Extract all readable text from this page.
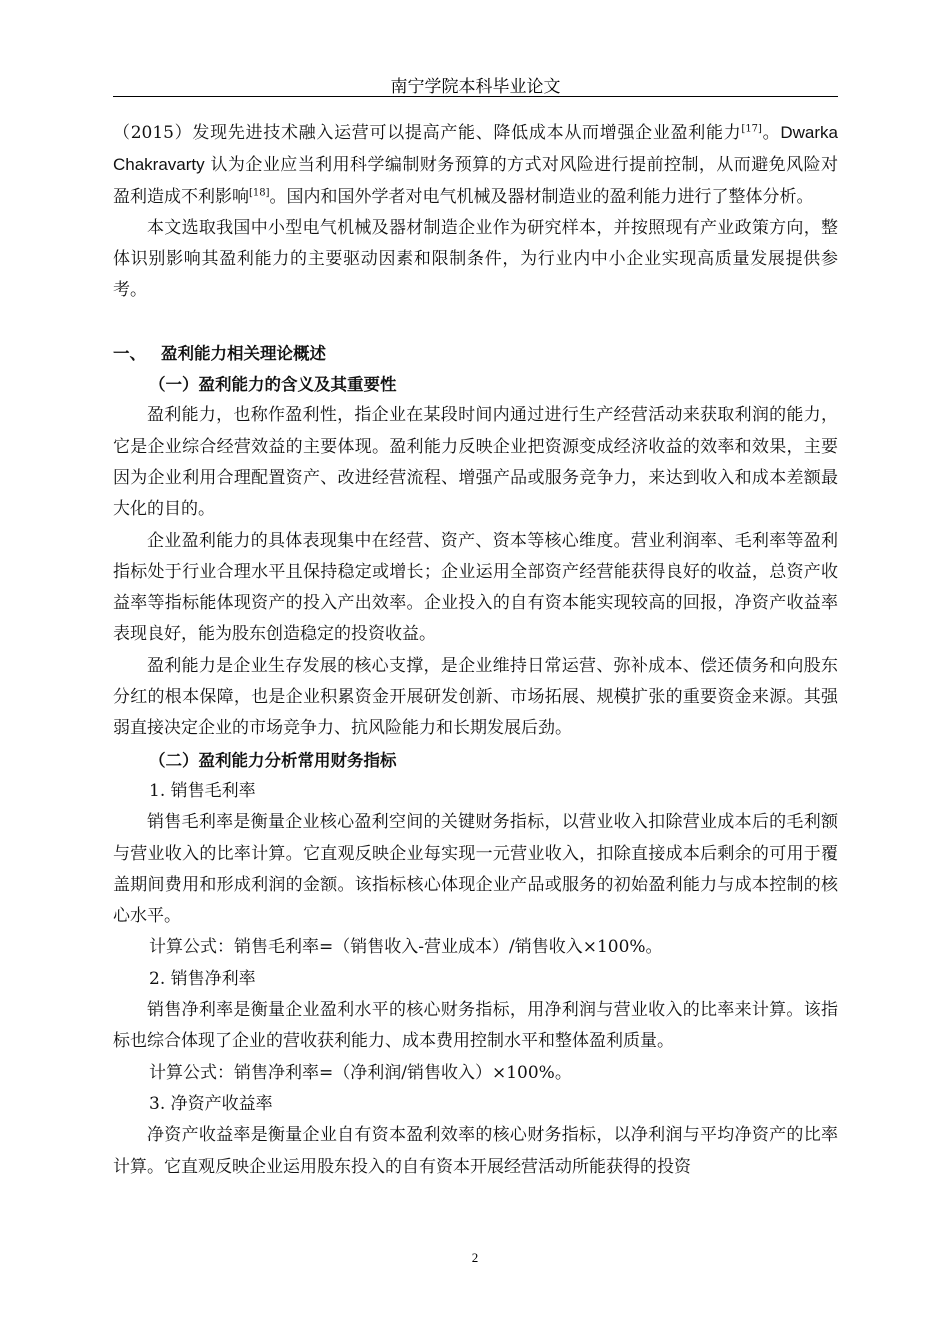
南宁学院本科毕业论文

（2015）发现先进技术融入运营可以提高产能、降低成本从而增强企业盈利能力[17]。Dwarka Chakravarty 认为企业应当利用科学编制财务预算的方式对风险进行提前控制，从而避免风险对盈利造成不利影响[18]。国内和国外学者对电气机械及器材制造业的盈利能力进行了整体分析。

本文选取我国中小型电气机械及器材制造企业作为研究样本，并按照现有产业政策方向，整体识别影响其盈利能力的主要驱动因素和限制条件，为行业内中小企业实现高质量发展提供参考。

一、 盈利能力相关理论概述

（一）盈利能力的含义及其重要性

盈利能力，也称作盈利性，指企业在某段时间内通过进行生产经营活动来获取利润的能力，它是企业综合经营效益的主要体现。盈利能力反映企业把资源变成经济收益的效率和效果，主要因为企业利用合理配置资产、改进经营流程、增强产品或服务竞争力，来达到收入和成本差额最大化的目的。

企业盈利能力的具体表现集中在经营、资产、资本等核心维度。营业利润率、毛利率等盈利指标处于行业合理水平且保持稳定或增长；企业运用全部资产经营能获得良好的收益，总资产收益率等指标能体现资产的投入产出效率。企业投入的自有资本能实现较高的回报，净资产收益率表现良好，能为股东创造稳定的投资收益。

盈利能力是企业生存发展的核心支撑，是企业维持日常运营、弥补成本、偿还债务和向股东分红的根本保障，也是企业积累资金开展研发创新、市场拓展、规模扩张的重要资金来源。其强弱直接决定企业的市场竞争力、抗风险能力和长期发展后劲。

（二）盈利能力分析常用财务指标

1. 销售毛利率

销售毛利率是衡量企业核心盈利空间的关键财务指标，以营业收入扣除营业成本后的毛利额与营业收入的比率计算。它直观反映企业每实现一元营业收入，扣除直接成本后剩余的可用于覆盖期间费用和形成利润的金额。该指标核心体现企业产品或服务的初始盈利能力与成本控制的核心水平。

计算公式：销售毛利率=（销售收入-营业成本）/销售收入×100%。

2. 销售净利率

销售净利率是衡量企业盈利水平的核心财务指标，用净利润与营业收入的比率来计算。该指标也综合体现了企业的营收获利能力、成本费用控制水平和整体盈利质量。

计算公式：销售净利率=（净利润/销售收入）×100%。

3. 净资产收益率

净资产收益率是衡量企业自有资本盈利效率的核心财务指标，以净利润与平均净资产的比率计算。它直观反映企业运用股东投入的自有资本开展经营活动所能获得的投资

2
